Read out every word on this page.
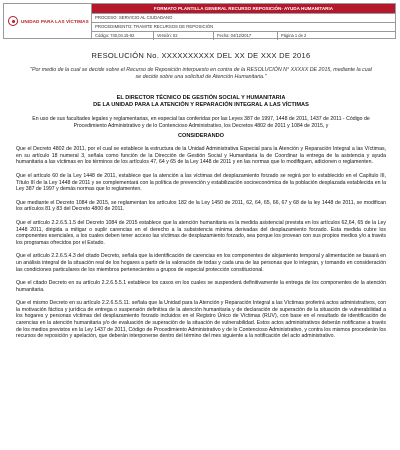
UNIDAD PARA LAS VÍCTIMAS
FORMATO PLANTILLA GENERAL RECURSO REPOSICIÓN- AYUDA HUMANITARIA
PROCESO: SERVICIO AL CIUDADANO
PROCEDIMIENTO: TRAMITE RECURSOS DE REPOSICIÓN
Código: 740,04.15-92	Versión: 02	Fecha: 04/12/2017	Página 1 de 2
RESOLUCIÓN No. XXXXXXXXXX DEL XX DE XXX DE 2016
"Por medio de la cual se decide sobre el Recurso de Reposición interpuesto en contra de la RESOLUCIÓN N° XXXXX DE 2015, mediante la cual se decide sobre una solicitud de Atención Humanitaria."
EL DIRECTOR TÉCNICO DE GESTIÓN SOCIAL Y HUMANITARIA
DE LA UNIDAD PARA LA ATENCIÓN Y REPARACIÓN INTEGRAL A LAS VÍCTIMAS
En uso de sus facultades legales y reglamentarias, en especial las conferidas por las Leyes 387 de 1997, 1448 de 2011, 1437 de 2011 - Código de Procedimiento Administrativo y de lo Contencioso Administrativo, los Decretos 4802 de 2011 y 1084 de 2015, y
CONSIDERANDO
Que el Decreto 4802 de 2011, por el cual se establece la estructura de la Unidad Administrativa Especial para la Atención y Reparación Integral a las Víctimas, en su artículo 18 numeral 3, señala como función de la Dirección de Gestión Social y Humanitaria la de Coordinar la entrega de la asistencia y ayuda humanitaria a las víctimas en los términos de los artículos 47, 64 y 65 de la Ley 1448 de 2011 y en las normas que lo modifiquen, adicionen o reglamenten.
Que el artículo 60 de la Ley 1448 de 2011, establece que la atención a las víctimas del desplazamiento forzado se regirá por lo establecido en el Capítulo III, Título III de la Ley 1448 de 2011 y se complementará con la política de prevención y estabilización socioeconómica de la población desplazada establecida en la Ley 387 de 1997 y demás normas que lo reglamenten.
Que mediante el Decreto 1084 de 2015, se reglamentan los artículos 182 de la Ley 1450 de 2011, 62, 64, 65, 66, 67 y 68 de la ley 1448 de 2011, se modifican los artículos 81 y 83 del Decreto 4800 de 2011.
Que el artículo 2.2.6.5.1.5 del Decreto 1084 de 2015 establece que la atención humanitaria es la medida asistencial prevista en los artículos 62,64, 65 de la Ley 1448 2011, dirigida a mitigar o suplir carencias en el derecho a la subsistencia mínima derivadas del desplazamiento forzado. Esta medida cubre los componentes esenciales, a los cuales deben tener acceso las víctimas de desplazamiento forzado, sea porque los provean con sus propios medios y/o a través los programas ofrecidos por el Estado.
Que el artículo 2.2.6.5.4.3 del citado Decreto, señala que la identificación de carencias en los componentes de alojamiento temporal y alimentación se basará en un análisis integral de la situación real de los hogares a partir de la valoración de todas y cada una de las personas que lo integran, y tomando en consideración las condiciones particulares de los miembros pertenecientes a grupos de especial protección constitucional.
Que el citado Decreto en su artículo 2.2.6.5.5.1 establece los casos en los cuales se suspenderá definitivamente la entrega de los componentes de la atención humanitaria.
Que el mismo Decreto en su artículo 2.2.6.5.5.11. señala que la Unidad para la Atención y Reparación Integral a las Víctimas proferirá actos administrativos, con la motivación fáctica y jurídica de entrega o suspensión definitiva de la atención humanitaria y de declaración de superación de la situación de vulnerabilidad a los hogares y personas víctimas del desplazamiento forzado incluidos en el Registro Único de Víctimas (RUV), con base en el resultado de identificación de carencias en la atención humanitaria y/o de evaluación de superación de la situación de vulnerabilidad. Estos actos administrativos deberán notificarse a través de los medios previstos en la Ley 1437 de 2011, Código de Procedimiento Administrativo y de lo Contencioso Administrativo, y contra los mismos procederán los recursos de reposición y apelación, que deberán interponerse dentro del término del mes siguiente a la notificación del acto administrativo.
